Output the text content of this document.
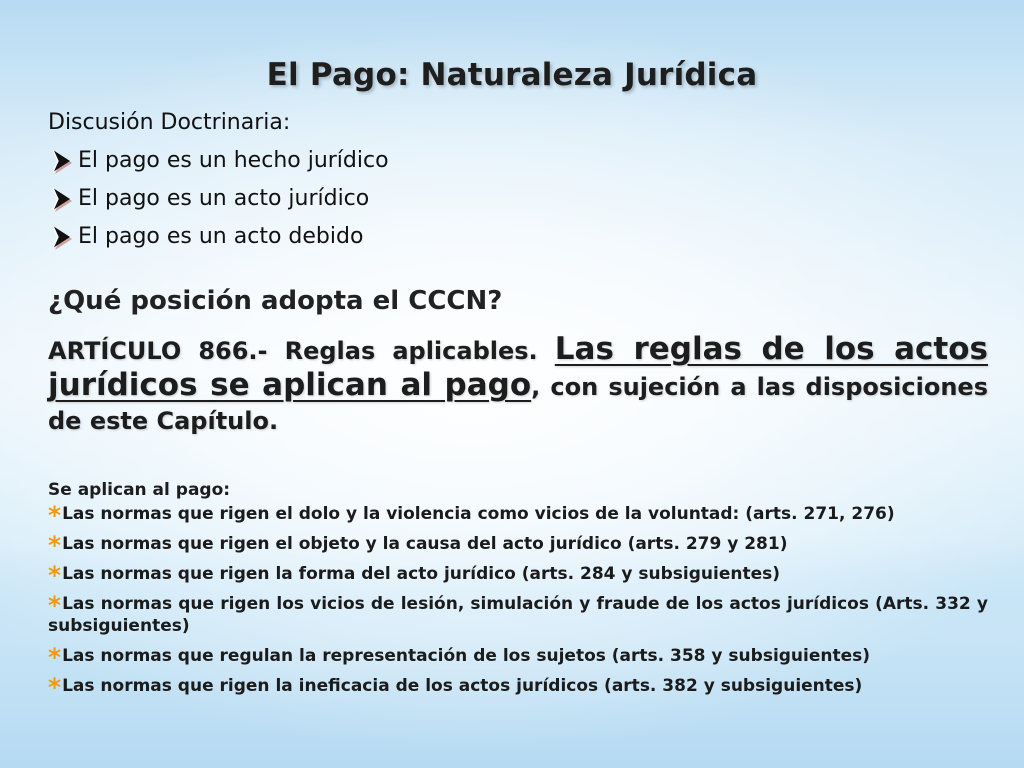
El Pago: Naturaleza Jurídica
Discusión Doctrinaria:
El pago es un hecho jurídico
El pago es un acto jurídico
El pago es un acto debido
¿Qué posición adopta el CCCN?
ARTÍCULO 866.- Reglas aplicables. Las reglas de los actos jurídicos se aplican al pago, con sujeción a las disposiciones de este Capítulo.
Se aplican al pago:

*Las normas que rigen el dolo y la violencia como vicios de la voluntad: (arts. 271, 276)

*Las normas que rigen el objeto y la causa del acto jurídico (arts. 279 y 281)

*Las normas que rigen la forma del acto jurídico (arts. 284 y subsiguientes)

*Las normas que rigen los vicios de lesión, simulación y fraude de los actos jurídicos (Arts. 332 y subsiguientes)

*Las normas que regulan la representación de los sujetos (arts. 358 y subsiguientes)

*Las normas que rigen la ineficacia de los actos jurídicos (arts. 382 y subsiguientes)
